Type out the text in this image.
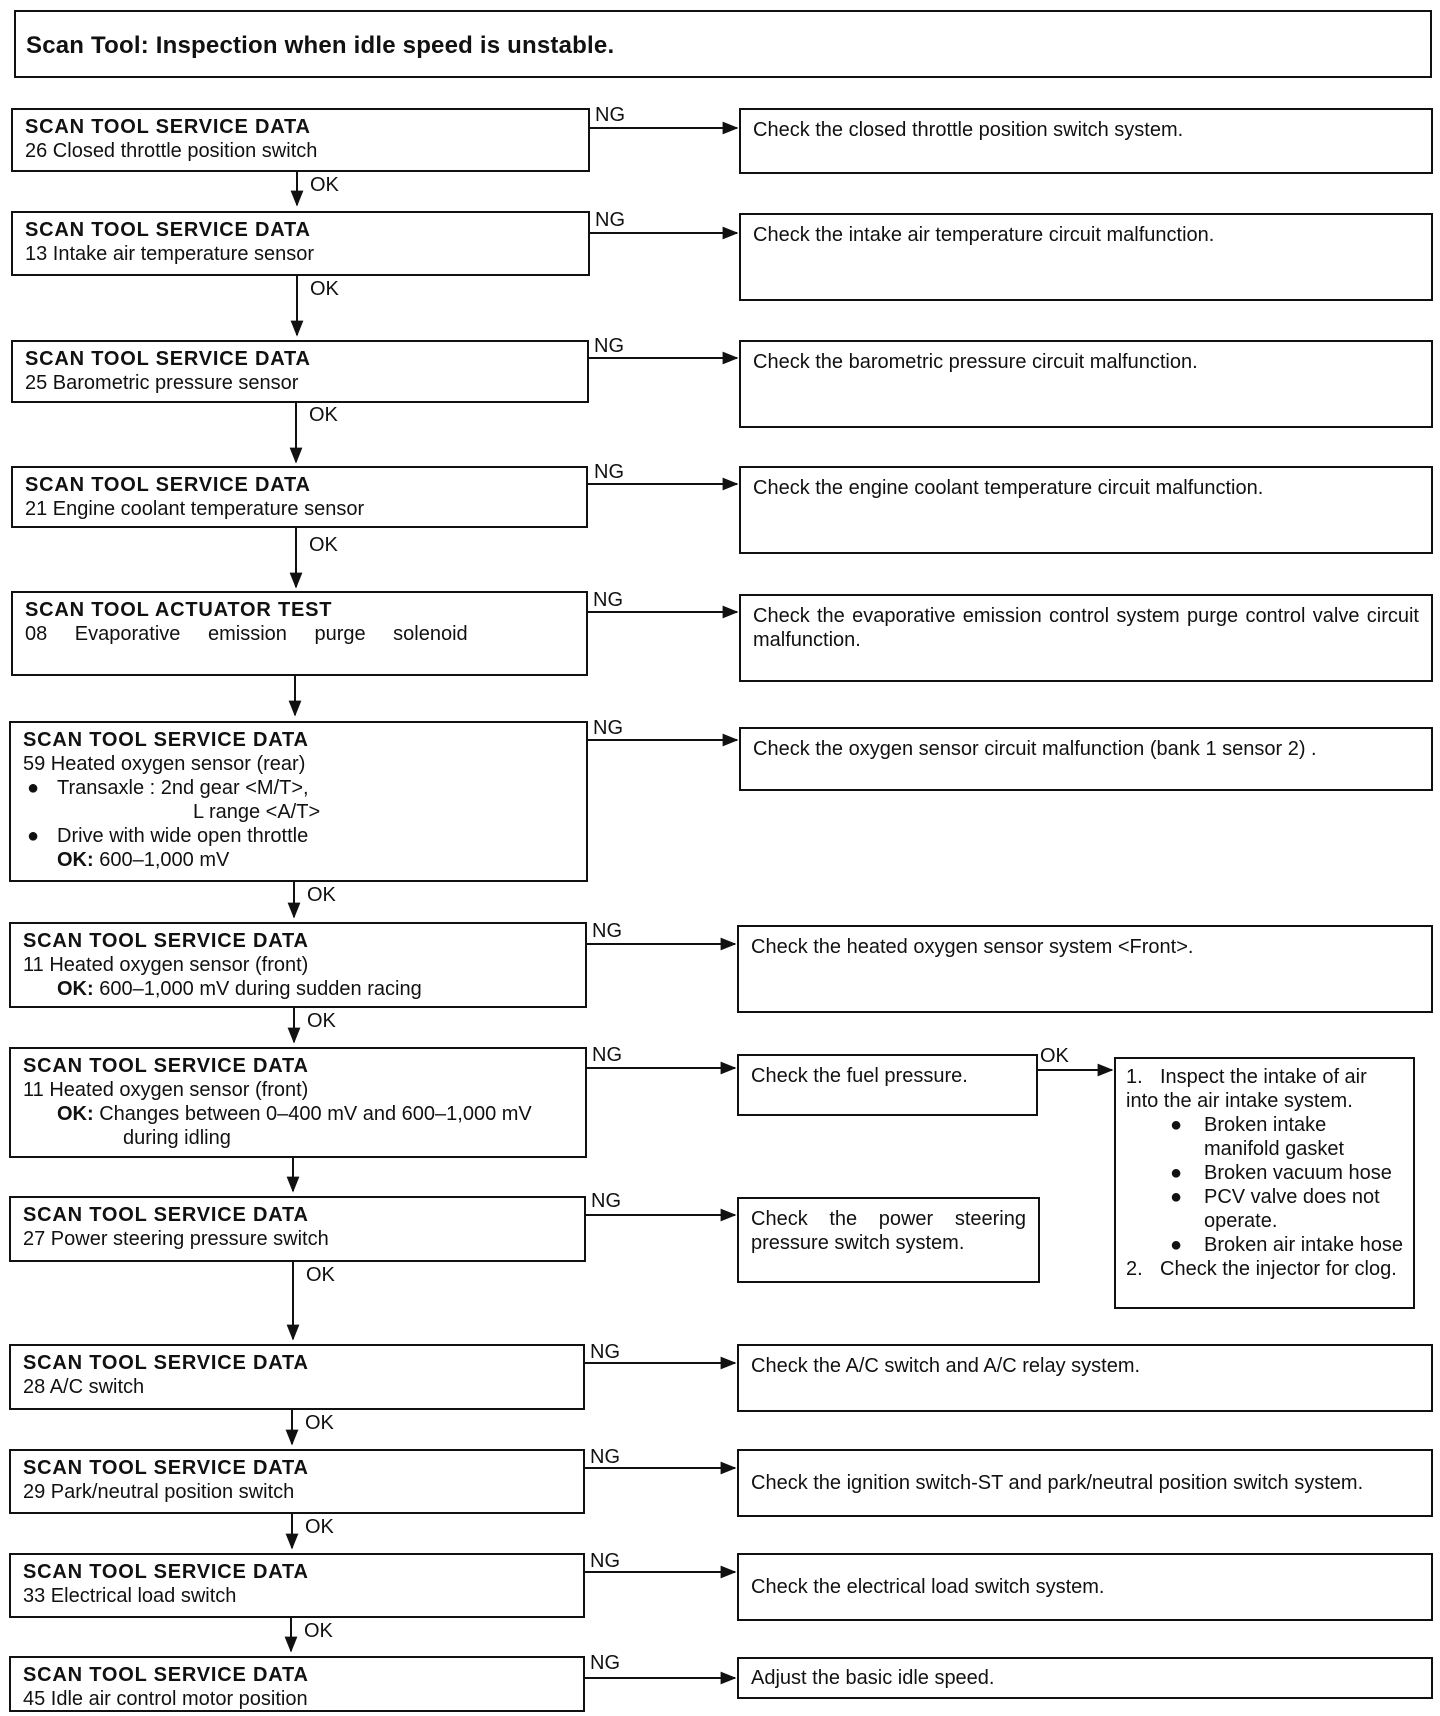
Scan Tool: Inspection when idle speed is unstable.
SCAN TOOL SERVICE DATA
26 Closed throttle position switch
NG
Check the closed throttle position switch system.
OK
SCAN TOOL SERVICE DATA
13 Intake air temperature sensor
NG
Check the intake air temperature circuit malfunction.
OK
SCAN TOOL SERVICE DATA
25 Barometric pressure sensor
NG
Check the barometric pressure circuit malfunction.
OK
SCAN TOOL SERVICE DATA
21 Engine coolant temperature sensor
NG
Check the engine coolant temperature circuit malfunction.
OK
SCAN TOOL ACTUATOR TEST
08 Evaporative emission purge solenoid
NG
Check the evaporative emission control system purge control valve circuit malfunction.
SCAN TOOL SERVICE DATA
59 Heated oxygen sensor (rear)
● Transaxle : 2nd gear <M/T>,
L range <A/T>
● Drive with wide open throttle
OK: 600–1,000 mV
NG
Check the oxygen sensor circuit malfunction (bank 1 sensor 2) .
OK
SCAN TOOL SERVICE DATA
11 Heated oxygen sensor (front)
OK: 600–1,000 mV during sudden racing
NG
Check the heated oxygen sensor system <Front>.
OK
SCAN TOOL SERVICE DATA
11 Heated oxygen sensor (front)
OK: Changes between 0–400 mV and 600–1,000 mV
during idling
NG
Check the fuel pressure.
OK
1. Inspect the intake of air into the air intake system.
● Broken intake manifold gasket
● Broken vacuum hose
● PCV valve does not operate.
● Broken air intake hose
2. Check the injector for clog.
SCAN TOOL SERVICE DATA
27 Power steering pressure switch
NG
Check the power steering pressure switch system.
OK
SCAN TOOL SERVICE DATA
28 A/C switch
NG
Check the A/C switch and A/C relay system.
OK
SCAN TOOL SERVICE DATA
29 Park/neutral position switch
NG
Check the ignition switch-ST and park/neutral position switch system.
OK
SCAN TOOL SERVICE DATA
33 Electrical load switch
NG
Check the electrical load switch system.
OK
SCAN TOOL SERVICE DATA
45 Idle air control motor position
NG
Adjust the basic idle speed.
